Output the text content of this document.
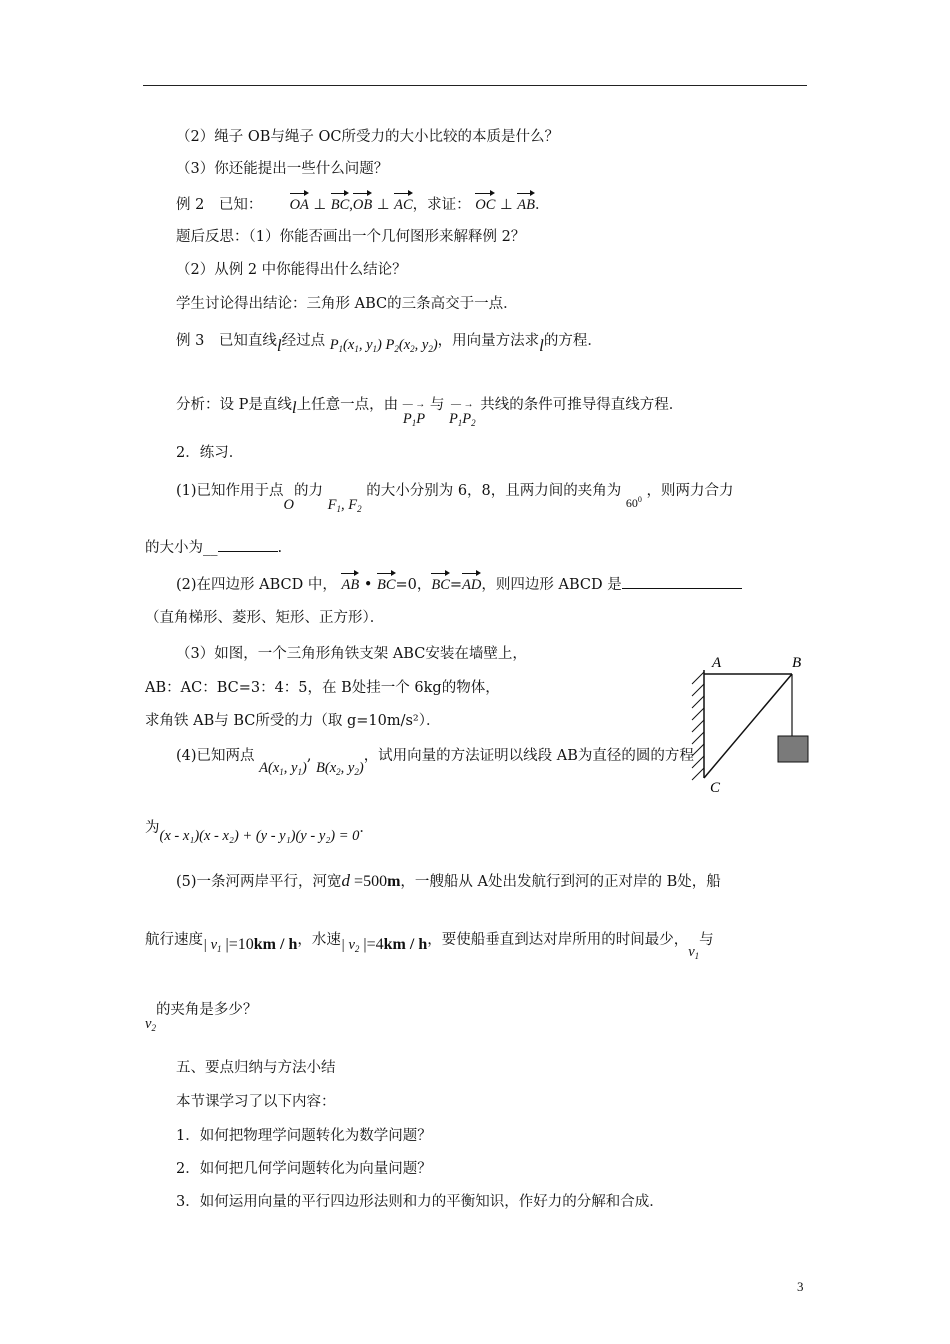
（2）绳子 OB与绳子 OC所受力的大小比较的本质是什么？
（3）你还能提出一些什么问题？
例 2　已知： OA ⊥ BC,OB ⊥ AC，求证： OC ⊥ AB．
题后反思：（1）你能否画出一个几何图形来解释例 2？
（2）从例 2 中你能得出什么结论？
学生讨论得出结论：三角形 ABC的三条高交于一点．
例 3　已知直线l经过点 $P_1(x_1$, $y_1$) $P_2(x_2$, $y_2$)，用向量方法求l的方程．
分析：设 P是直线l上任意一点，由 — →
$P_1P$ 与 — →
$P_1P_2$ 共线的条件可推导得直线方程．
2．练习．
(1)已知作用于点O的力 $F_1$, $F_2$ 的大小分别为 6，8，且两力间的夹角为 $_{60^0}$ ，则两力合力
的大小为__	.
(2)在四边形 ABCD 中， AB • BC=0，BC=AD，则四边形 ABCD 是
（直角梯形、菱形、矩形、正方形）．
（3）如图，一个三角形角铁支架 ABC安装在墙壁上，
AB：AC：BC=3：4：5，在 B处挂一个 6kg的物体，
求角铁 AB与 BC所受的力（取 g=10m/s²）．
(4)已知两点 $A(x_1$, $y_1$), $B(x_2$, $y_2$)，试用向量的方法证明以线段 AB为直径的圆的方程
为(x - x₁)(x - x₂) + (y - y₁)(y - y₂) = 0．
(5)一条河两岸平行，河宽d =500m，一艘船从 A处出发航行到河的正对岸的 B处，船
航行速度| $v_1$ |=10km / h，水速| $v_2$ |=4km / h，要使船垂直到达对岸所用的时间最少，$v_1$与
$v_2$的夹角是多少？
五、要点归纳与方法小结
本节课学习了以下内容：
1．如何把物理学问题转化为数学问题？
2．如何把几何学问题转化为向量问题？
3．如何运用向量的平行四边形法则和力的平衡知识，作好力的分解和合成．
A	B
C
3
